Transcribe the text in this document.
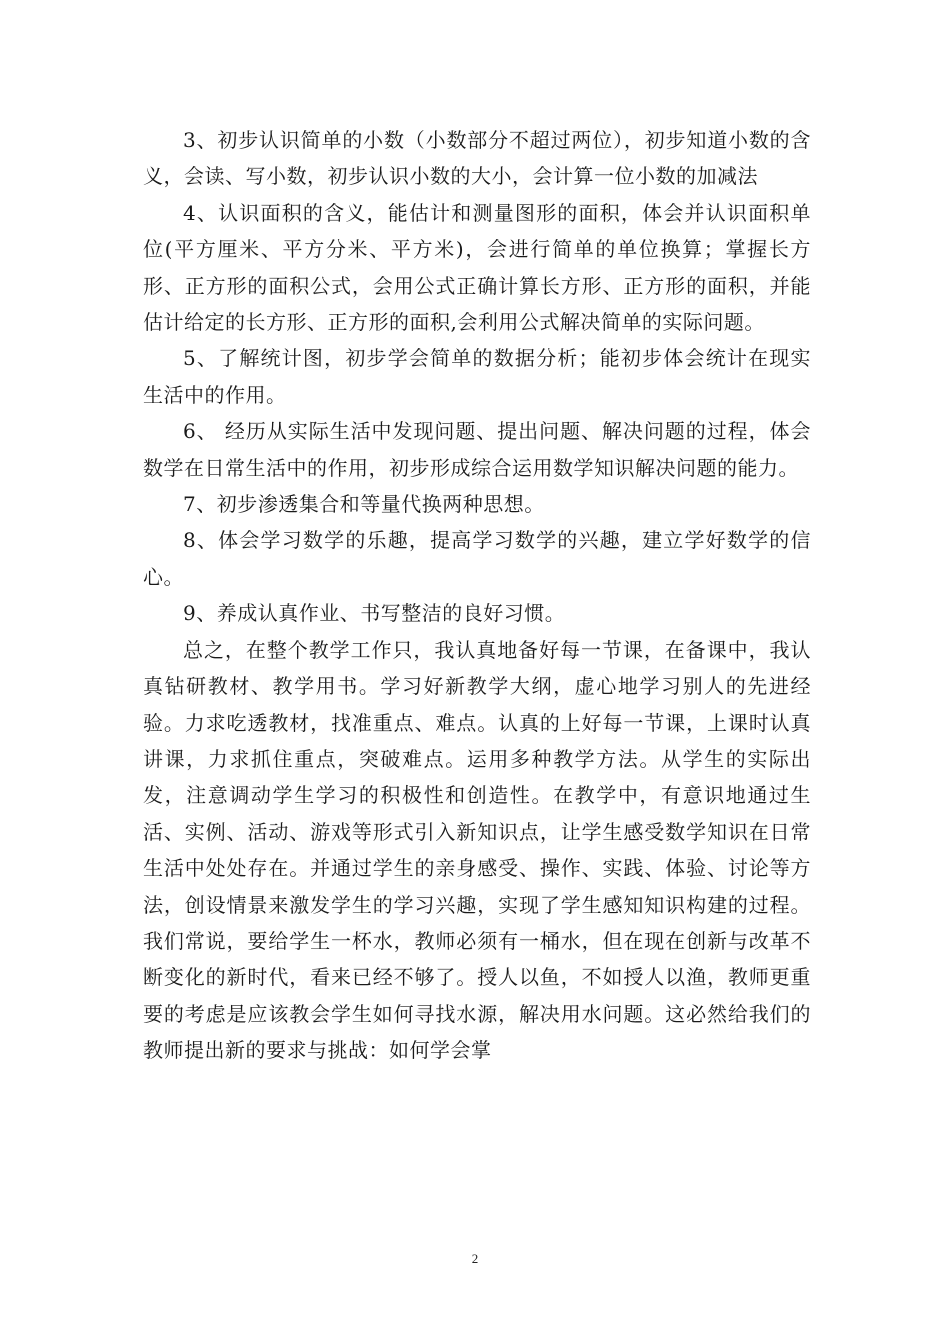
3、初步认识简单的小数（小数部分不超过两位），初步知道小数的含义，会读、写小数，初步认识小数的大小，会计算一位小数的加减法

4、认识面积的含义，能估计和测量图形的面积，体会并认识面积单位(平方厘米、平方分米、平方米)，会进行简单的单位换算；掌握长方形、正方形的面积公式，会用公式正确计算长方形、正方形的面积，并能估计给定的长方形、正方形的面积,会利用公式解决简单的实际问题。

5、了解统计图，初步学会简单的数据分析；能初步体会统计在现实生活中的作用。

6、 经历从实际生活中发现问题、提出问题、解决问题的过程，体会数学在日常生活中的作用，初步形成综合运用数学知识解决问题的能力。

7、初步渗透集合和等量代换两种思想。

8、体会学习数学的乐趣，提高学习数学的兴趣，建立学好数学的信心。

9、养成认真作业、书写整洁的良好习惯。

总之，在整个教学工作只，我认真地备好每一节课，在备课中，我认真钻研教材、教学用书。学习好新教学大纲，虚心地学习别人的先进经验。力求吃透教材，找准重点、难点。认真的上好每一节课，上课时认真讲课，力求抓住重点，突破难点。运用多种教学方法。从学生的实际出发，注意调动学生学习的积极性和创造性。在教学中，有意识地通过生活、实例、活动、游戏等形式引入新知识点，让学生感受数学知识在日常生活中处处存在。并通过学生的亲身感受、操作、实践、体验、讨论等方法，创设情景来激发学生的学习兴趣，实现了学生感知知识构建的过程。 我们常说，要给学生一杯水，教师必须有一桶水，但在现在创新与改革不断变化的新时代，看来已经不够了。授人以鱼，不如授人以渔，教师更重要的考虑是应该教会学生如何寻找水源，解决用水问题。这必然给我们的教师提出新的要求与挑战：如何学会掌

2
